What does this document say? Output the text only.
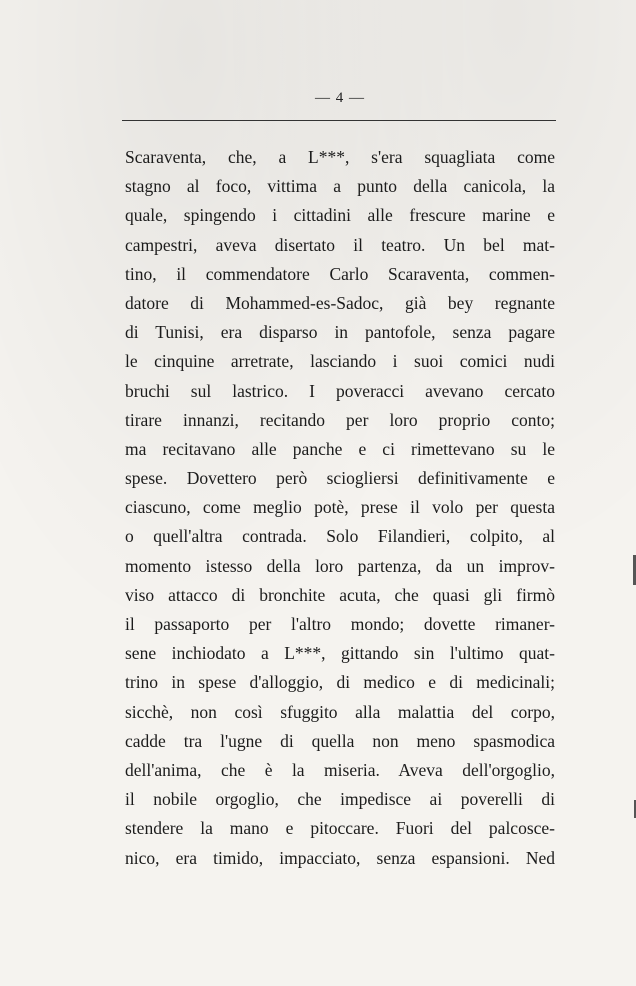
— 4 —
Scaraventa, che, a L***, s'era squagliata come
stagno al foco, vittima a punto della canicola, la
quale, spingendo i cittadini alle frescure marine e
campestri, aveva disertato il teatro. Un bel mat-
tino, il commendatore Carlo Scaraventa, commen-
datore di Mohammed-es-Sadoc, già bey regnante
di Tunisi, era disparso in pantofole, senza pagare
le cinquine arretrate, lasciando i suoi comici nudi
bruchi sul lastrico. I poveracci avevano cercato
tirare innanzi, recitando per loro proprio conto;
ma recitavano alle panche e ci rimettevano su le
spese. Dovettero però sciogliersi definitivamente e
ciascuno, come meglio potè, prese il volo per questa
o quell'altra contrada. Solo Filandieri, colpito, al
momento istesso della loro partenza, da un improv-
viso attacco di bronchite acuta, che quasi gli firmò
il passaporto per l'altro mondo; dovette rimaner-
sene inchiodato a L***, gittando sin l'ultimo quat-
trino in spese d'alloggio, di medico e di medicinali;
sicchè, non così sfuggito alla malattia del corpo,
cadde tra l'ugne di quella non meno spasmodica
dell'anima, che è la miseria. Aveva dell'orgoglio,
il nobile orgoglio, che impedisce ai poverelli di
stendere la mano e pitoccare. Fuori del palcosce-
nico, era timido, impacciato, senza espansioni. Ned
